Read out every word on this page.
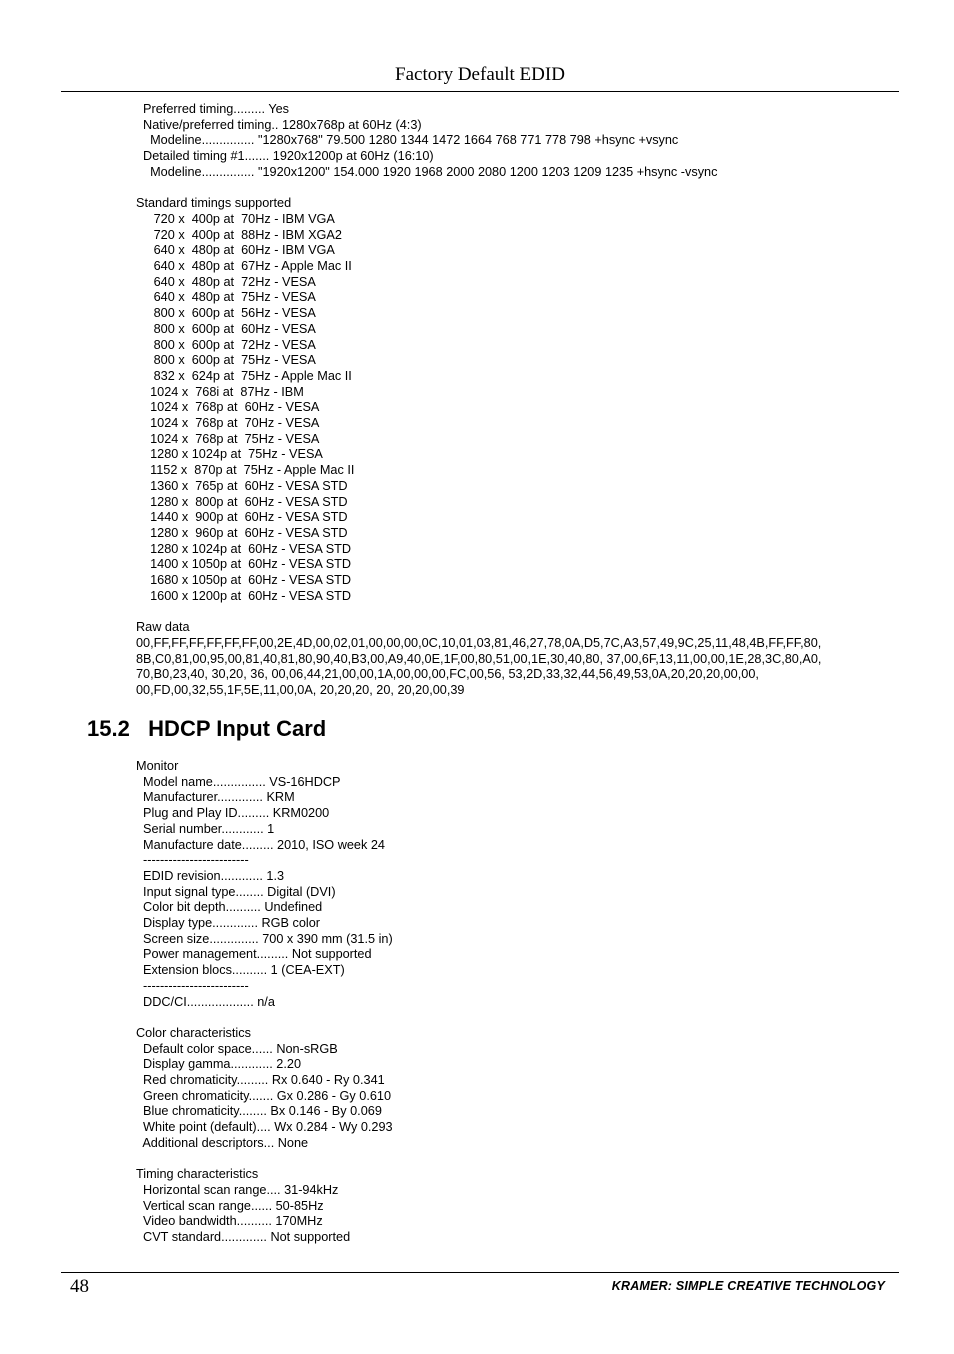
Factory Default EDID

Preferred timing......... Yes

Native/preferred timing.. 1280x768p at 60Hz (4:3)

Modeline............... "1280x768" 79.500 1280 1344 1472 1664 768 771 778 798 +hsync +vsync

Detailed timing #1....... 1920x1200p at 60Hz (16:10)

Modeline............... "1920x1200" 154.000 1920 1968 2000 2080 1200 1203 1209 1235 +hsync -vsync

Standard timings supported

720 x  400p at  70Hz - IBM VGA

720 x  400p at  88Hz - IBM XGA2

640 x  480p at  60Hz - IBM VGA

640 x  480p at  67Hz - Apple Mac II

640 x  480p at  72Hz - VESA

640 x  480p at  75Hz - VESA

800 x  600p at  56Hz - VESA

800 x  600p at  60Hz - VESA

800 x  600p at  72Hz - VESA

800 x  600p at  75Hz - VESA

832 x  624p at  75Hz - Apple Mac II

1024 x  768i at  87Hz - IBM

1024 x  768p at  60Hz - VESA

1024 x  768p at  70Hz - VESA

1024 x  768p at  75Hz - VESA

1280 x 1024p at  75Hz - VESA

1152 x  870p at  75Hz - Apple Mac II

1360 x  765p at  60Hz - VESA STD

1280 x  800p at  60Hz - VESA STD

1440 x  900p at  60Hz - VESA STD

1280 x  960p at  60Hz - VESA STD

1280 x 1024p at  60Hz - VESA STD

1400 x 1050p at  60Hz - VESA STD

1680 x 1050p at  60Hz - VESA STD

1600 x 1200p at  60Hz - VESA STD

Raw data

00,FF,FF,FF,FF,FF,FF,00,2E,4D,00,02,01,00,00,00,0C,10,01,03,81,46,27,78,0A,D5,7C,A3,57,49,9C,25,11,48,4B,FF,FF,80,

8B,C0,81,00,95,00,81,40,81,80,90,40,B3,00,A9,40,0E,1F,00,80,51,00,1E,30,40,80, 37,00,6F,13,11,00,00,1E,28,3C,80,A0,

70,B0,23,40, 30,20, 36, 00,06,44,21,00,00,1A,00,00,00,FC,00,56, 53,2D,33,32,44,56,49,53,0A,20,20,20,00,00,

00,FD,00,32,55,1F,5E,11,00,0A, 20,20,20, 20, 20,20,00,39

15.2 HDCP Input Card

Monitor

Model name............... VS-16HDCP

Manufacturer............. KRM

Plug and Play ID......... KRM0200

Serial number............ 1

Manufacture date......... 2010, ISO week 24

-------------------------

EDID revision............ 1.3

Input signal type........ Digital (DVI)

Color bit depth.......... Undefined

Display type............. RGB color

Screen size.............. 700 x 390 mm (31.5 in)

Power management......... Not supported

Extension blocs.......... 1 (CEA-EXT)

-------------------------

DDC/CI................... n/a

Color characteristics

Default color space...... Non-sRGB

Display gamma............ 2.20

Red chromaticity......... Rx 0.640 - Ry 0.341

Green chromaticity....... Gx 0.286 - Gy 0.610

Blue chromaticity........ Bx 0.146 - By 0.069

White point (default).... Wx 0.284 - Wy 0.293

Additional descriptors... None

Timing characteristics

Horizontal scan range.... 31-94kHz

Vertical scan range...... 50-85Hz

Video bandwidth.......... 170MHz

CVT standard............. Not supported

48	KRAMER: SIMPLE CREATIVE TECHNOLOGY
